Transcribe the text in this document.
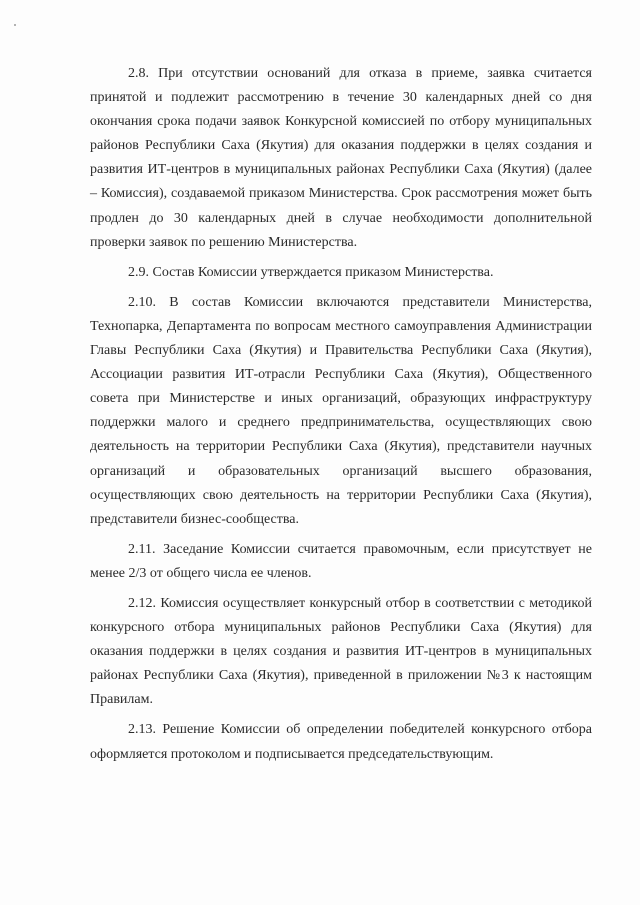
2.8. При отсутствии оснований для отказа в приеме, заявка считается принятой и подлежит рассмотрению в течение 30 календарных дней со дня окончания срока подачи заявок Конкурсной комиссией по отбору муниципальных районов Республики Саха (Якутия) для оказания поддержки в целях создания и развития ИТ-центров в муниципальных районах Республики Саха (Якутия) (далее – Комиссия), создаваемой приказом Министерства. Срок рассмотрения может быть продлен до 30 календарных дней в случае необходимости дополнительной проверки заявок по решению Министерства.

2.9. Состав Комиссии утверждается приказом Министерства.

2.10. В состав Комиссии включаются представители Министерства, Технопарка, Департамента по вопросам местного самоуправления Администрации Главы Республики Саха (Якутия) и Правительства Республики Саха (Якутия), Ассоциации развития ИТ-отрасли Республики Саха (Якутия), Общественного совета при Министерстве и иных организаций, образующих инфраструктуру поддержки малого и среднего предпринимательства, осуществляющих свою деятельность на территории Республики Саха (Якутия), представители научных организаций и образовательных организаций высшего образования, осуществляющих свою деятельность на территории Республики Саха (Якутия), представители бизнес-сообщества.

2.11. Заседание Комиссии считается правомочным, если присутствует не менее 2/3 от общего числа ее членов.

2.12. Комиссия осуществляет конкурсный отбор в соответствии с методикой конкурсного отбора муниципальных районов Республики Саха (Якутия) для оказания поддержки в целях создания и развития ИТ-центров в муниципальных районах Республики Саха (Якутия), приведенной в приложении №3 к настоящим Правилам.

2.13. Решение Комиссии об определении победителей конкурсного отбора оформляется протоколом и подписывается председательствующим.
